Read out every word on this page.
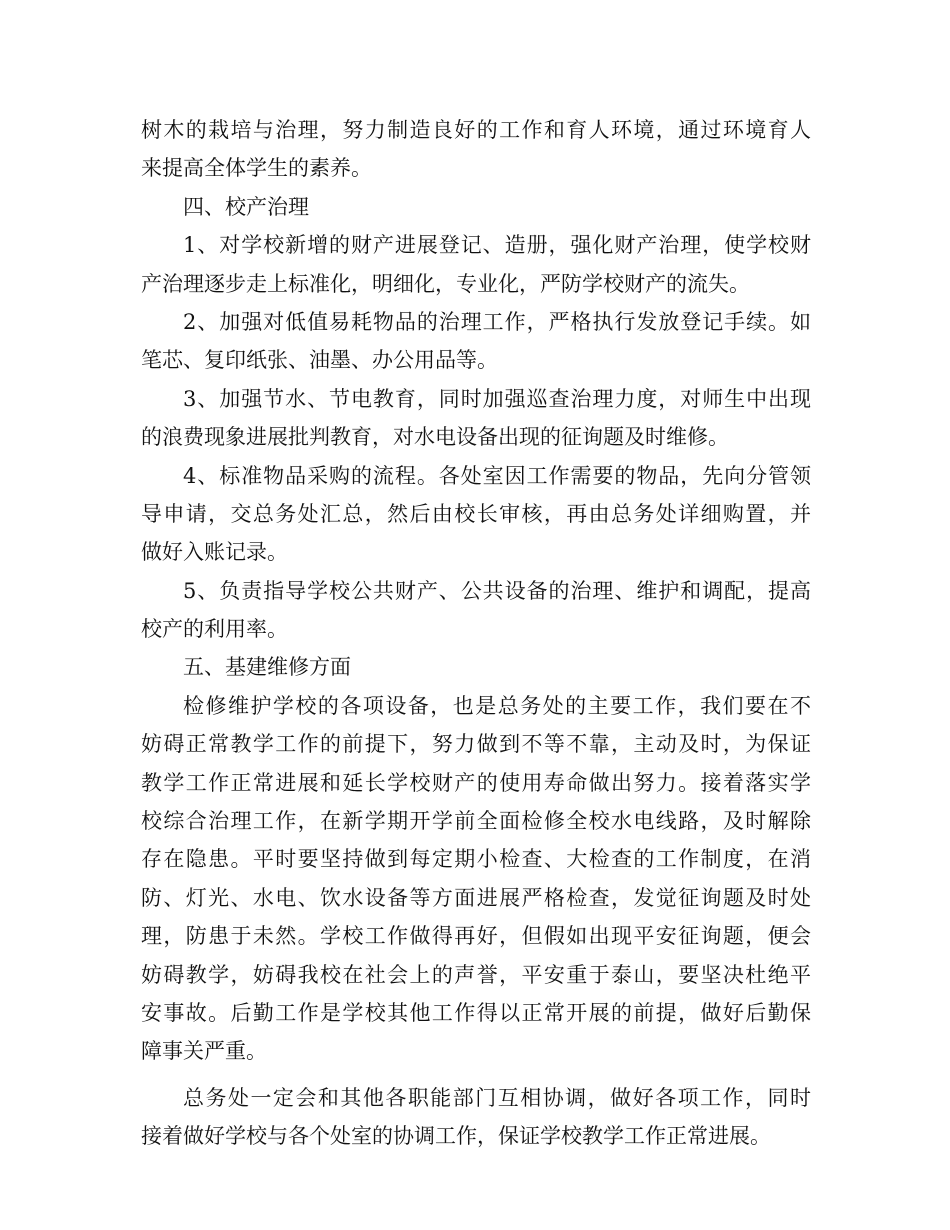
树木的栽培与治理，努力制造良好的工作和育人环境，通过环境育人
来提高全体学生的素养。
四、校产治理
1、对学校新增的财产进展登记、造册，强化财产治理，使学校财
产治理逐步走上标准化，明细化，专业化，严防学校财产的流失。
2、加强对低值易耗物品的治理工作，严格执行发放登记手续。如
笔芯、复印纸张、油墨、办公用品等。
3、加强节水、节电教育，同时加强巡查治理力度，对师生中出现
的浪费现象进展批判教育，对水电设备出现的征询题及时维修。
4、标准物品采购的流程。各处室因工作需要的物品，先向分管领
导申请，交总务处汇总，然后由校长审核，再由总务处详细购置，并
做好入账记录。
5、负责指导学校公共财产、公共设备的治理、维护和调配，提高
校产的利用率。
五、基建维修方面
检修维护学校的各项设备，也是总务处的主要工作，我们要在不
妨碍正常教学工作的前提下，努力做到不等不靠，主动及时，为保证
教学工作正常进展和延长学校财产的使用寿命做出努力。接着落实学
校综合治理工作，在新学期开学前全面检修全校水电线路，及时解除
存在隐患。平时要坚持做到每定期小检查、大检查的工作制度，在消
防、灯光、水电、饮水设备等方面进展严格检查，发觉征询题及时处
理，防患于未然。学校工作做得再好，但假如出现平安征询题，便会
妨碍教学，妨碍我校在社会上的声誉，平安重于泰山，要坚决杜绝平
安事故。后勤工作是学校其他工作得以正常开展的前提，做好后勤保
障事关严重。
总务处一定会和其他各职能部门互相协调，做好各项工作，同时
接着做好学校与各个处室的协调工作，保证学校教学工作正常进展。
